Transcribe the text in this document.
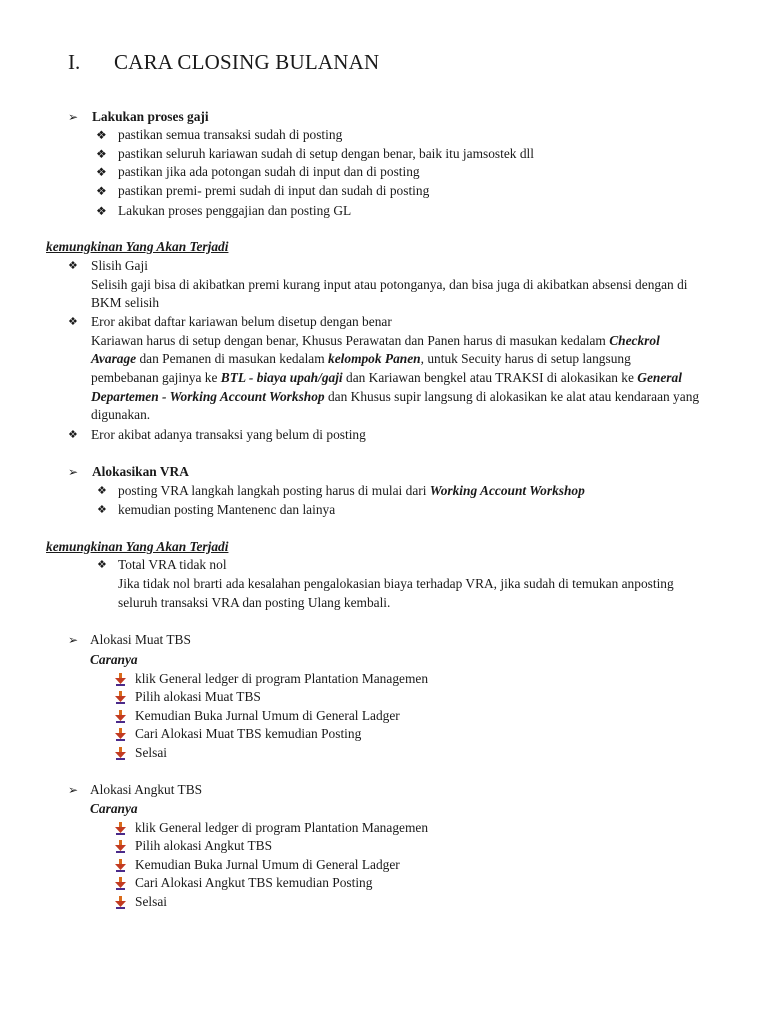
I. CARA CLOSING BULANAN
➢ Lakukan proses gaji
❖ pastikan semua transaksi sudah di posting
❖ pastikan seluruh kariawan sudah di setup dengan benar, baik itu jamsostek dll
❖ pastikan jika ada potongan sudah di input dan di posting
❖ pastikan premi- premi sudah di input dan sudah di posting
❖ Lakukan proses penggajian dan posting GL
kemungkinan Yang Akan Terjadi
❖ Slisih Gaji
Selisih gaji bisa di akibatkan premi kurang input atau potonganya, dan bisa juga di akibatkan absensi dengan di
BKM selisih
❖ Eror akibat daftar kariawan belum disetup dengan benar
Kariawan harus di setup dengan benar, Khusus Perawatan dan Panen harus di masukan kedalam Checkrol
Avarage dan Pemanen di masukan kedalam kelompok Panen, untuk Secuity harus di setup langsung
pembebanan gajinya ke BTL - biaya upah/gaji dan Kariawan bengkel atau TRAKSI di alokasikan ke General
Departemen - Working Account Workshop dan Khusus supir langsung di alokasikan ke alat atau kendaraan yang
digunakan.
❖ Eror akibat adanya transaksi yang belum di posting
➢ Alokasikan VRA
❖ posting VRA langkah langkah posting harus di mulai dari Working Account Workshop
❖ kemudian posting Mantenenc dan lainya
kemungkinan Yang Akan Terjadi
❖ Total VRA tidak nol
Jika tidak nol brarti ada kesalahan pengalokasian biaya terhadap VRA, jika sudah di temukan anposting
seluruh transaksi VRA dan posting Ulang kembali.
➢ Alokasi Muat TBS
Caranya
klik General ledger di program Plantation Managemen
Pilih alokasi Muat TBS
Kemudian Buka Jurnal Umum di General Ladger
Cari Alokasi Muat TBS kemudian Posting
Selsai
➢ Alokasi Angkut TBS
Caranya
klik General ledger di program Plantation Managemen
Pilih alokasi Angkut TBS
Kemudian Buka Jurnal Umum di General Ladger
Cari Alokasi Angkut TBS kemudian Posting
Selsai
